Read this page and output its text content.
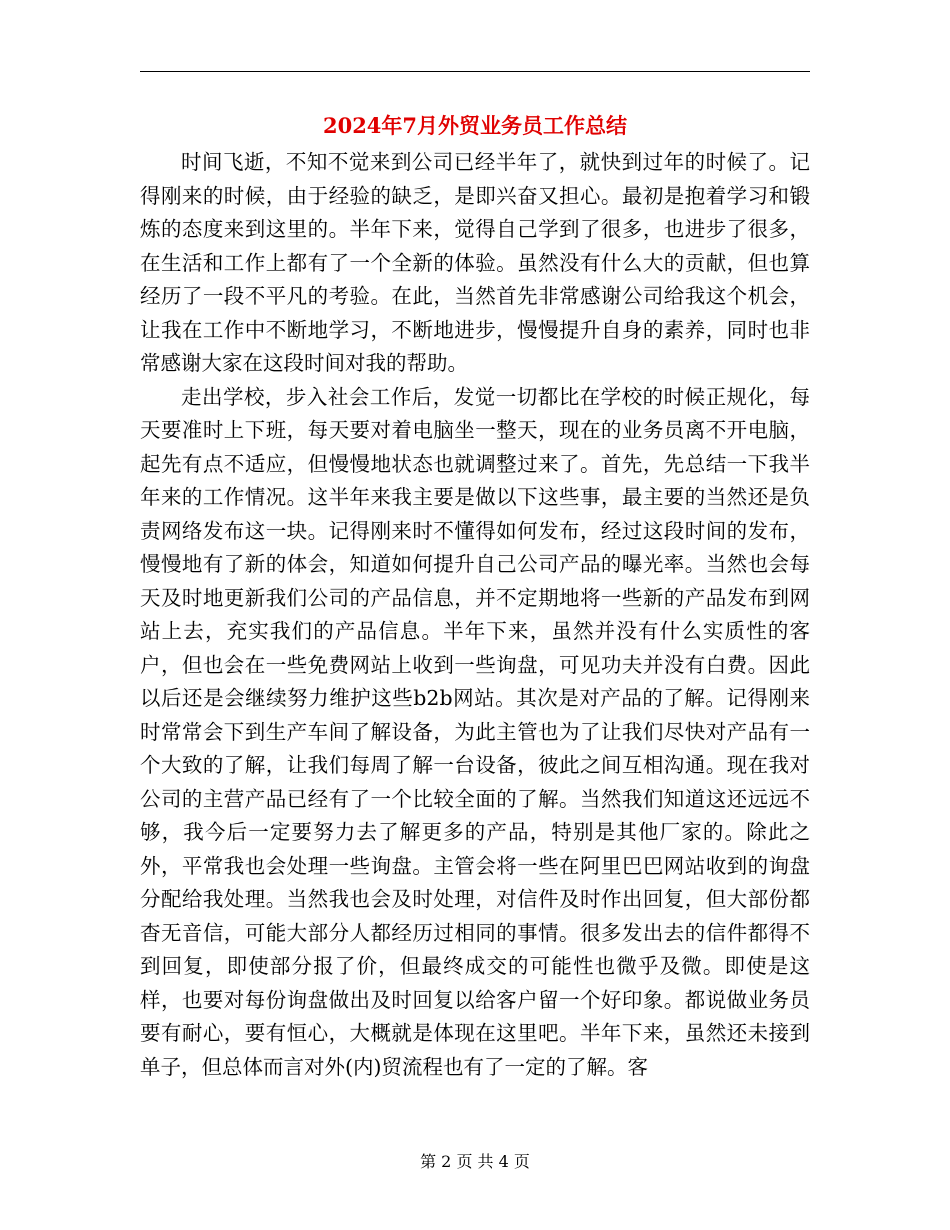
2024年7月外贸业务员工作总结

时间飞逝，不知不觉来到公司已经半年了，就快到过年的时候了。记得刚来的时候，由于经验的缺乏，是即兴奋又担心。最初是抱着学习和锻炼的态度来到这里的。半年下来，觉得自己学到了很多，也进步了很多，在生活和工作上都有了一个全新的体验。虽然没有什么大的贡献，但也算经历了一段不平凡的考验。在此，当然首先非常感谢公司给我这个机会，让我在工作中不断地学习，不断地进步，慢慢提升自身的素养，同时也非常感谢大家在这段时间对我的帮助。

走出学校，步入社会工作后，发觉一切都比在学校的时候正规化，每天要准时上下班，每天要对着电脑坐一整天，现在的业务员离不开电脑，起先有点不适应，但慢慢地状态也就调整过来了。首先，先总结一下我半年来的工作情况。这半年来我主要是做以下这些事，最主要的当然还是负责网络发布这一块。记得刚来时不懂得如何发布，经过这段时间的发布，慢慢地有了新的体会，知道如何提升自己公司产品的曝光率。当然也会每天及时地更新我们公司的产品信息，并不定期地将一些新的产品发布到网站上去，充实我们的产品信息。半年下来，虽然并没有什么实质性的客户，但也会在一些免费网站上收到一些询盘，可见功夫并没有白费。因此以后还是会继续努力维护这些b2b网站。其次是对产品的了解。记得刚来时常常会下到生产车间了解设备，为此主管也为了让我们尽快对产品有一个大致的了解，让我们每周了解一台设备，彼此之间互相沟通。现在我对公司的主营产品已经有了一个比较全面的了解。当然我们知道这还远远不够，我今后一定要努力去了解更多的产品，特别是其他厂家的。除此之外，平常我也会处理一些询盘。主管会将一些在阿里巴巴网站收到的询盘分配给我处理。当然我也会及时处理，对信件及时作出回复，但大部份都杳无音信，可能大部分人都经历过相同的事情。很多发出去的信件都得不到回复，即使部分报了价，但最终成交的可能性也微乎及微。即使是这样，也要对每份询盘做出及时回复以给客户留一个好印象。都说做业务员要有耐心，要有恒心，大概就是体现在这里吧。半年下来，虽然还未接到单子，但总体而言对外(内)贸流程也有了一定的了解。客

第 2 页 共 4 页
